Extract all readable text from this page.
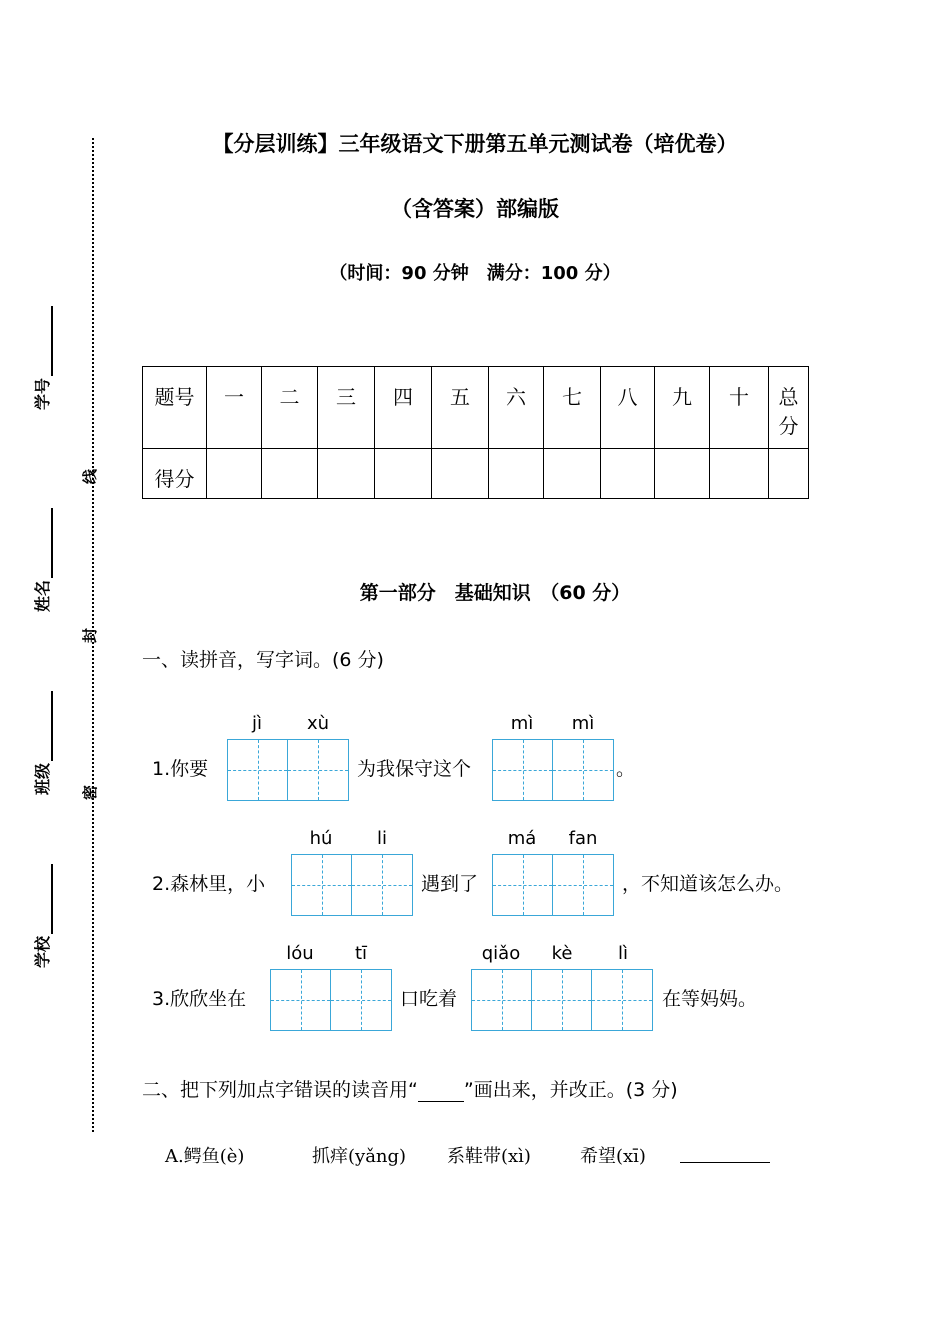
【分层训练】三年级语文下册第五单元测试卷（培优卷）
（含答案）部编版
（时间：90 分钟　满分：100 分）
学号
姓名
班级
学校
线
封
密
题号	一	二	三	四	五	六	七	八	九	十	总分
得分											
第一部分　基础知识　（60 分）
一、读拼音，写字词。(6 分)
jì	xù
1.你要	为我保守这个
mì	mì
。
hú	li
2.森林里，小	遇到了
má	fan
，不知道该怎么办。
lóu	tī
3.欣欣坐在	口吃着
qiǎo	kè	lì
在等妈妈。
二、把下列加点字错误的读音用“ ”画出来，并改正。(3 分)
A.鳄鱼(è)	抓痒(yǎng) 系鞋带(xì)	希望(xī)
